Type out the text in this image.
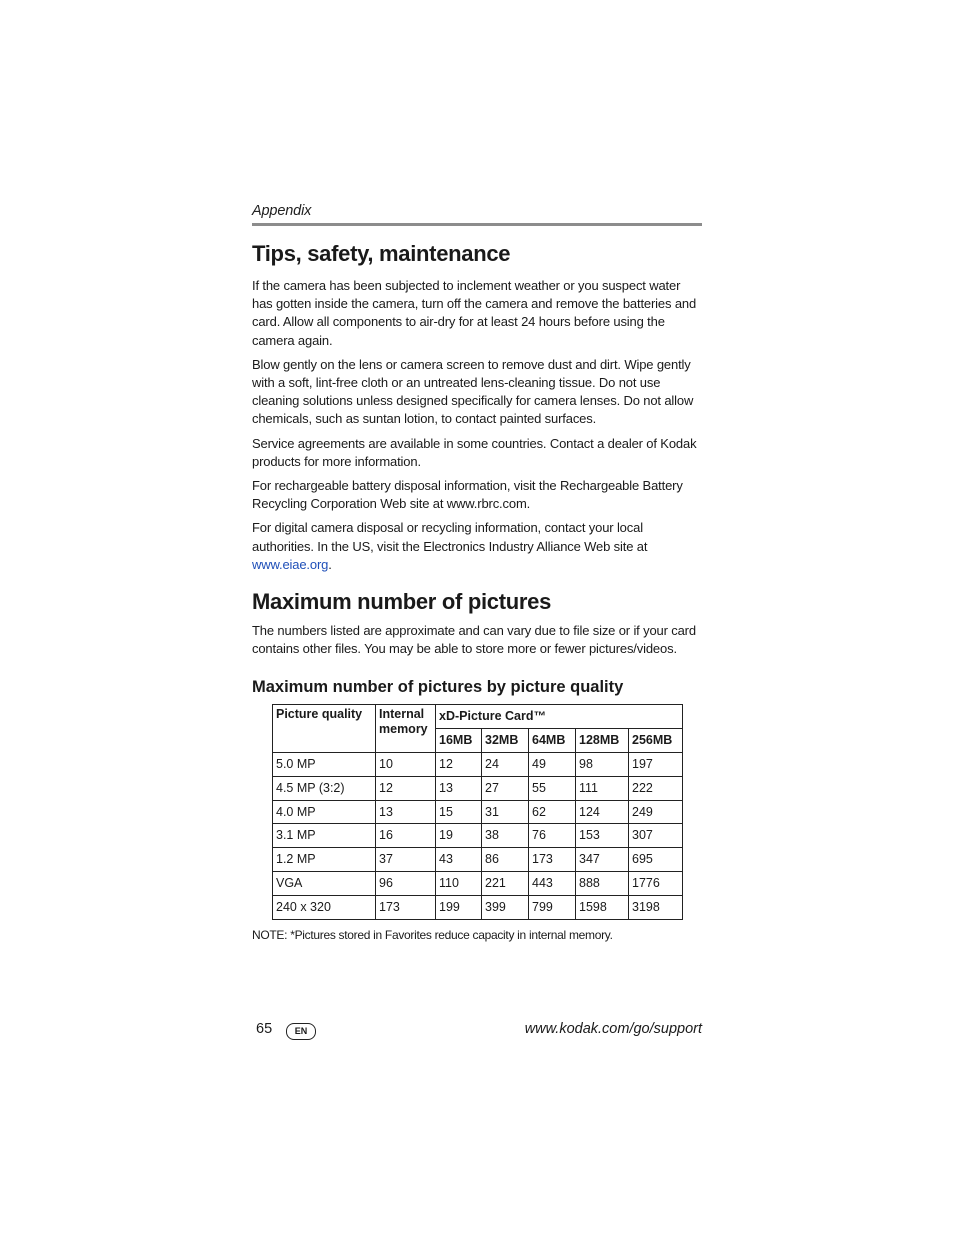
Appendix

Tips, safety, maintenance

If the camera has been subjected to inclement weather or you suspect water has gotten inside the camera, turn off the camera and remove the batteries and card. Allow all components to air-dry for at least 24 hours before using the camera again.

Blow gently on the lens or camera screen to remove dust and dirt. Wipe gently with a soft, lint-free cloth or an untreated lens-cleaning tissue. Do not use cleaning solutions unless designed specifically for camera lenses. Do not allow chemicals, such as suntan lotion, to contact painted surfaces.

Service agreements are available in some countries. Contact a dealer of Kodak products for more information.

For rechargeable battery disposal information, visit the Rechargeable Battery Recycling Corporation Web site at www.rbrc.com.

For digital camera disposal or recycling information, contact your local authorities. In the US, visit the Electronics Industry Alliance Web site at www.eiae.org.

Maximum number of pictures

The numbers listed are approximate and can vary due to file size or if your card contains other files. You may be able to store more or fewer pictures/videos.

Maximum number of pictures by picture quality
Picture quality	Internal memory	xD-Picture Card™				
		16MB	32MB	64MB	128MB	256MB
5.0 MP	10	12	24	49	98	197
4.5 MP (3:2)	12	13	27	55	111	222
4.0 MP	13	15	31	62	124	249
3.1 MP	16	19	38	76	153	307
1.2 MP	37	43	86	173	347	695
VGA	96	110	221	443	888	1776
240 x 320	173	199	399	799	1598	3198

NOTE: *Pictures stored in Favorites reduce capacity in internal memory.

65	EN	www.kodak.com/go/support
